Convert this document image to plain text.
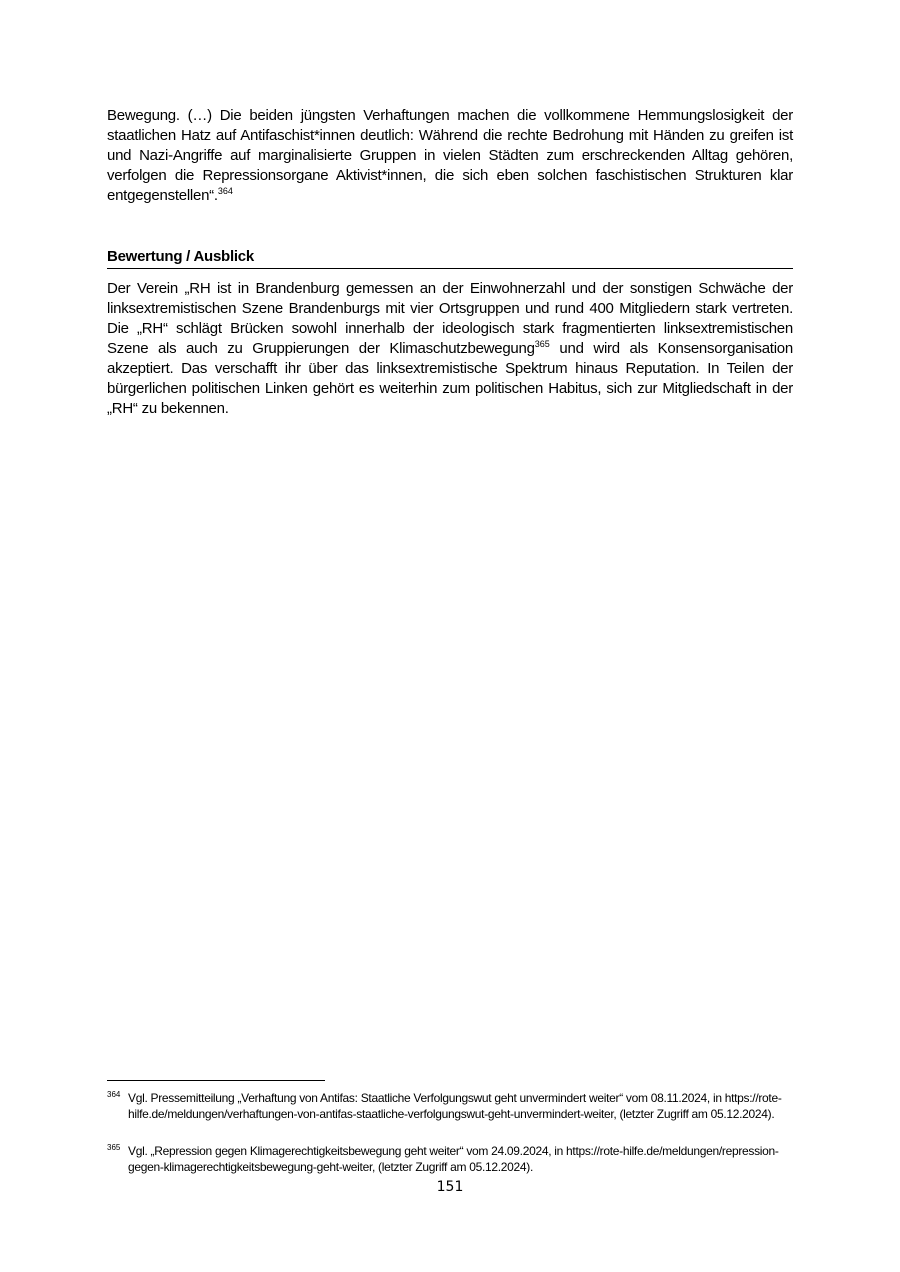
Bewegung. (…) Die beiden jüngsten Verhaftungen machen die vollkommene Hemmungslosigkeit der staatlichen Hatz auf Antifaschist*innen deutlich: Während die rechte Bedrohung mit Händen zu greifen ist und Nazi-Angriffe auf marginalisierte Gruppen in vielen Städten zum erschreckenden Alltag gehören, verfolgen die Repressionsorgane Aktivist*innen, die sich eben solchen faschistischen Strukturen klar entgegenstellen“.$^{364}$

Bewertung / Ausblick

Der Verein „RH ist in Brandenburg gemessen an der Einwohnerzahl und der sonstigen Schwäche der linksextremistischen Szene Brandenburgs mit vier Ortsgruppen und rund 400 Mitgliedern stark vertreten. Die „RH“ schlägt Brücken sowohl innerhalb der ideologisch stark fragmentierten linksextremistischen Szene als auch zu Gruppierungen der Klimaschutzbewegung$^{365}$ und wird als Konsensorganisation akzeptiert. Das verschafft ihr über das linksextremistische Spektrum hinaus Reputation. In Teilen der bürgerlichen politischen Linken gehört es weiterhin zum politischen Habitus, sich zur Mitgliedschaft in der „RH“ zu bekennen.

364 Vgl. Pressemitteilung „Verhaftung von Antifas: Staatliche Verfolgungswut geht unvermindert weiter“ vom 08.11.2024, in https://rote-hilfe.de/meldungen/verhaftungen-von-antifas-staatliche-verfolgungswut-geht-unvermindert-weiter, (letzter Zugriff am 05.12.2024).
365 Vgl. „Repression gegen Klimagerechtigkeitsbewegung geht weiter“ vom 24.09.2024, in https://rote-hilfe.de/meldungen/repression-gegen-klimagerechtigkeitsbewegung-geht-weiter, (letzter Zugriff am 05.12.2024).
151
